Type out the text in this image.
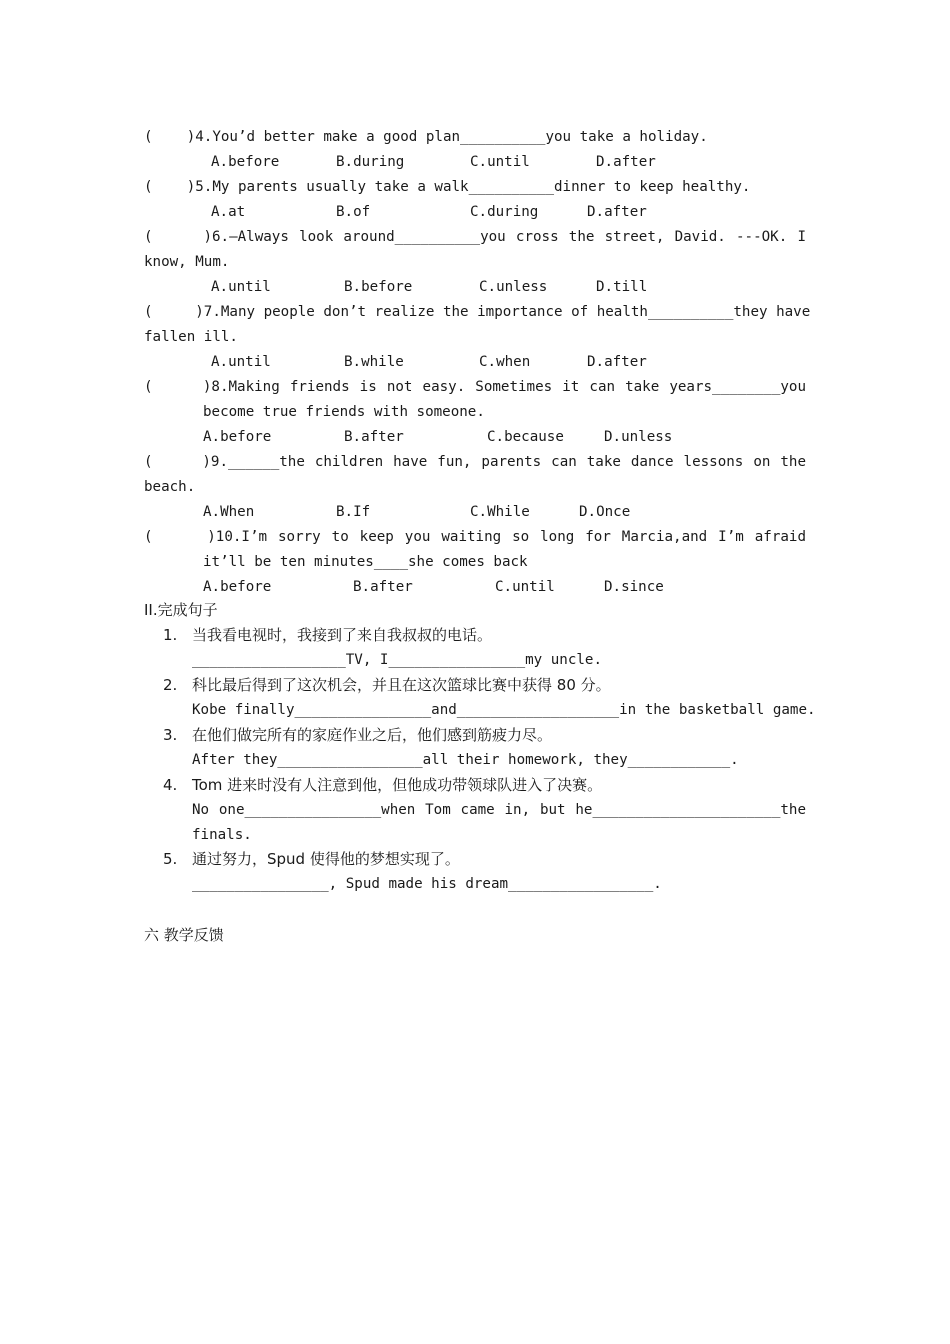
(    )4.You’d better make a good plan__________you take a holiday.
A.before	B.during	C.until	D.after
(    )5.My parents usually take a walk__________dinner to keep healthy.
A.at	B.of	C.during	D.after
(     )6.—Always look around__________you cross the street, David. ---OK. I
know, Mum.
A.until	B.before	C.unless	D.till
(     )7.Many people don’t realize the importance of health__________they have
fallen ill.
A.until	B.while	C.when	D.after
(     )8.Making friends is not easy. Sometimes it can take years________you
become true friends with someone.
A.before	B.after	C.because	D.unless
(     )9.______the children have fun, parents can take dance lessons on the
beach.
A.When	B.If	C.While	D.Once
(     )10.I’m sorry to keep you waiting so long for Marcia,and I’m afraid
it’ll be ten minutes____she comes back
A.before	B.after	C.until	D.since
II.完成句子
1. 当我看电视时，我接到了来自我叔叔的电话。
__________________TV, I________________my uncle.
2. 科比最后得到了这次机会，并且在这次篮球比赛中获得 80 分。
Kobe finally________________and___________________in the basketball game.
3. 在他们做完所有的家庭作业之后，他们感到筋疲力尽。
After they_________________all their homework, they____________.
4. Tom 进来时没有人注意到他，但他成功带领球队进入了决赛。
No one________________when Tom came in, but he______________________the
finals.
5. 通过努力，Spud 使得他的梦想实现了。
________________, Spud made his dream_________________.
六 教学反馈
